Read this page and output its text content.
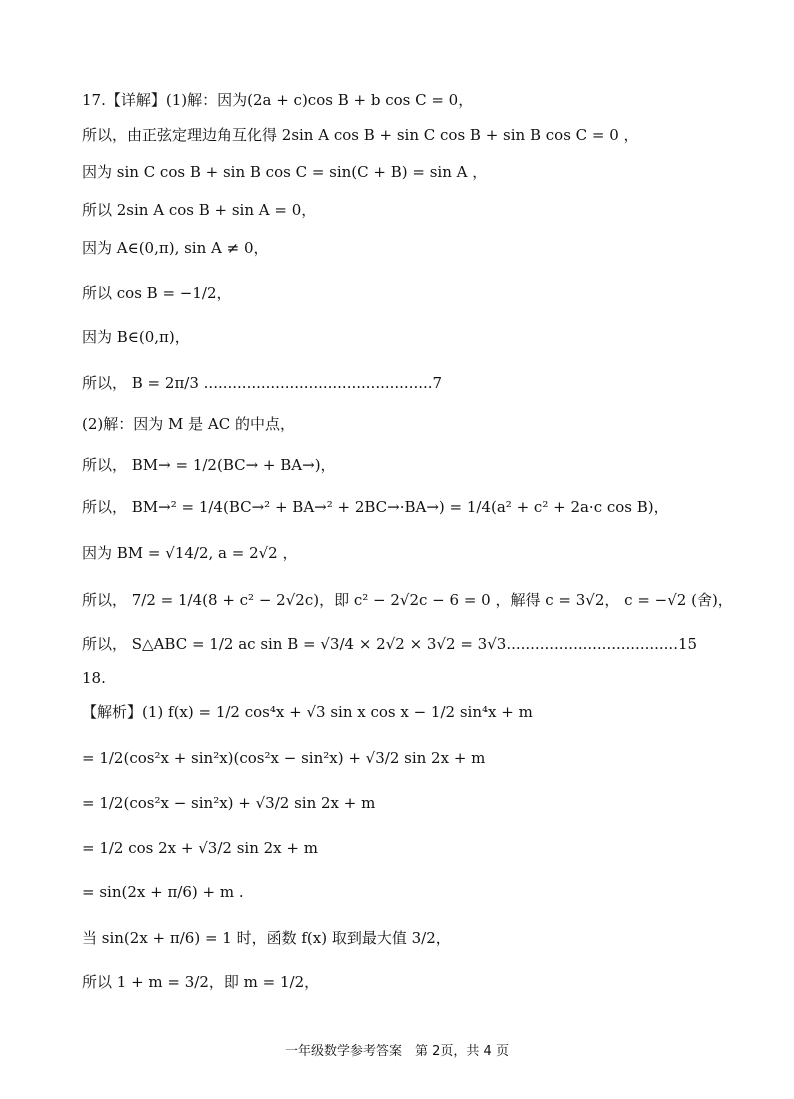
17.【详解】(1)解：因为(2a + c)cos B + b cos C = 0，
所以，由正弦定理边角互化得 2sin A cos B + sin C cos B + sin B cos C = 0 ，
因为 sin C cos B + sin B cos C = sin(C + B) = sin A ，
所以 2sin A cos B + sin A = 0，
因为 A∈(0,π), sin A ≠ 0，
所以 cos B = −1/2，
因为 B∈(0,π)，
所以， B = 2π/3 ................................................7
(2)解：因为 M 是 AC 的中点，
所以， BM→ = 1/2(BC→ + BA→)，
所以， BM→² = 1/4(BC→² + BA→² + 2BC→·BA→) = 1/4(a² + c² + 2a·c cos B)，
因为 BM = √14/2, a = 2√2 ，
所以， 7/2 = 1/4(8 + c² − 2√2c)，即 c² − 2√2c − 6 = 0 ，解得 c = 3√2， c = −√2 (舍)，
所以， S△ABC = 1/2 ac sin B = √3/4 × 2√2 × 3√2 = 3√3....................................15
18.
【解析】(1) f(x) = 1/2 cos⁴x + √3 sin x cos x − 1/2 sin⁴x + m
= 1/2(cos²x + sin²x)(cos²x − sin²x) + √3/2 sin 2x + m
= 1/2(cos²x − sin²x) + √3/2 sin 2x + m
= 1/2 cos 2x + √3/2 sin 2x + m
= sin(2x + π/6) + m .
当 sin(2x + π/6) = 1 时，函数 f(x) 取到最大值 3/2，
所以 1 + m = 3/2，即 m = 1/2，
一年级数学参考答案　第 2页，共 4 页
